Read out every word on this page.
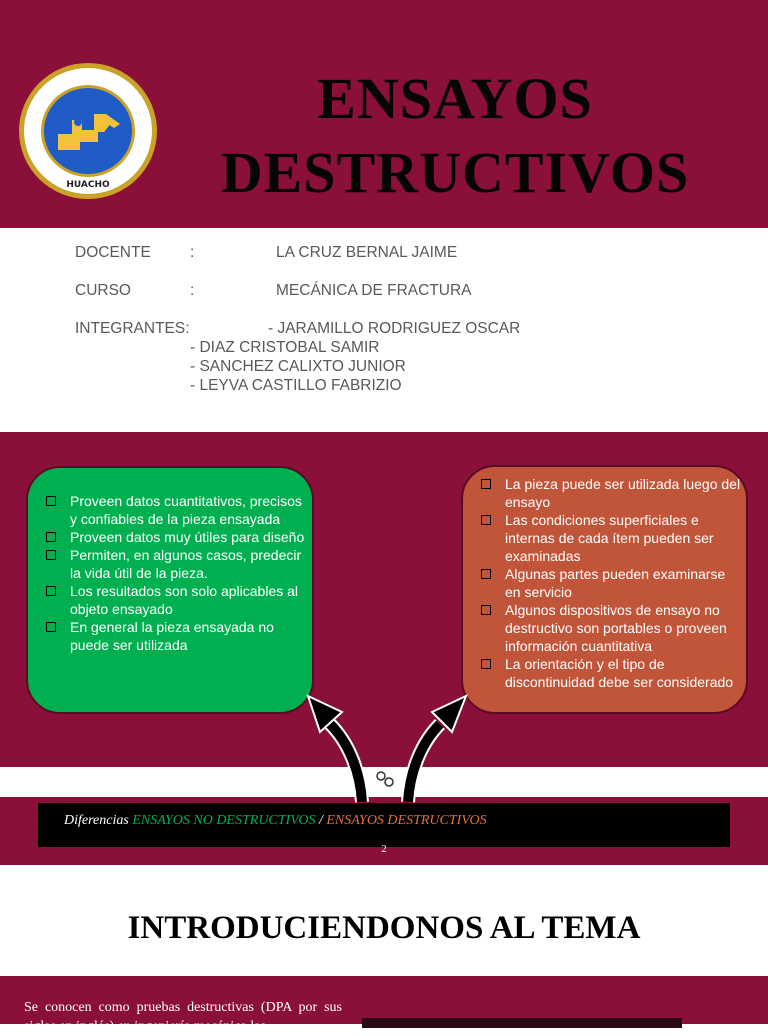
HUACHO
ENSAYOS
DESTRUCTIVOS
DOCENTE	:	LA CRUZ BERNAL JAIME
CURSO	:	MECÁNICA DE FRACTURA
INTEGRANTES:	- JARAMILLO RODRIGUEZ OSCAR
- DIAZ CRISTOBAL SAMIR
- SANCHEZ CALIXTO JUNIOR
- LEYVA CASTILLO FABRIZIO
Proveen datos cuantitativos, precisos y confiables de la pieza ensayada
Proveen datos muy útiles para diseño
Permiten, en algunos casos, predecir la vida útil de la pieza.
Los resultados son solo aplicables al objeto ensayado
En general la pieza ensayada no puede ser utilizada
La pieza puede ser utilizada luego del ensayo
Las condiciones superficiales e internas de cada ítem pueden ser examinadas
Algunas partes pueden examinarse en servicio
Algunos dispositivos de ensayo no destructivo son portables o proveen información cuantitativa
La orientación y el tipo de discontinuidad debe ser considerado
Diferencias ENSAYOS NO DESTRUCTIVOS / ENSAYOS DESTRUCTIVOS
2
INTRODUCIENDONOS AL TEMA
Se conocen como pruebas destructivas (DPA por sus siglas en inglés) en ingeniería mecánica las
